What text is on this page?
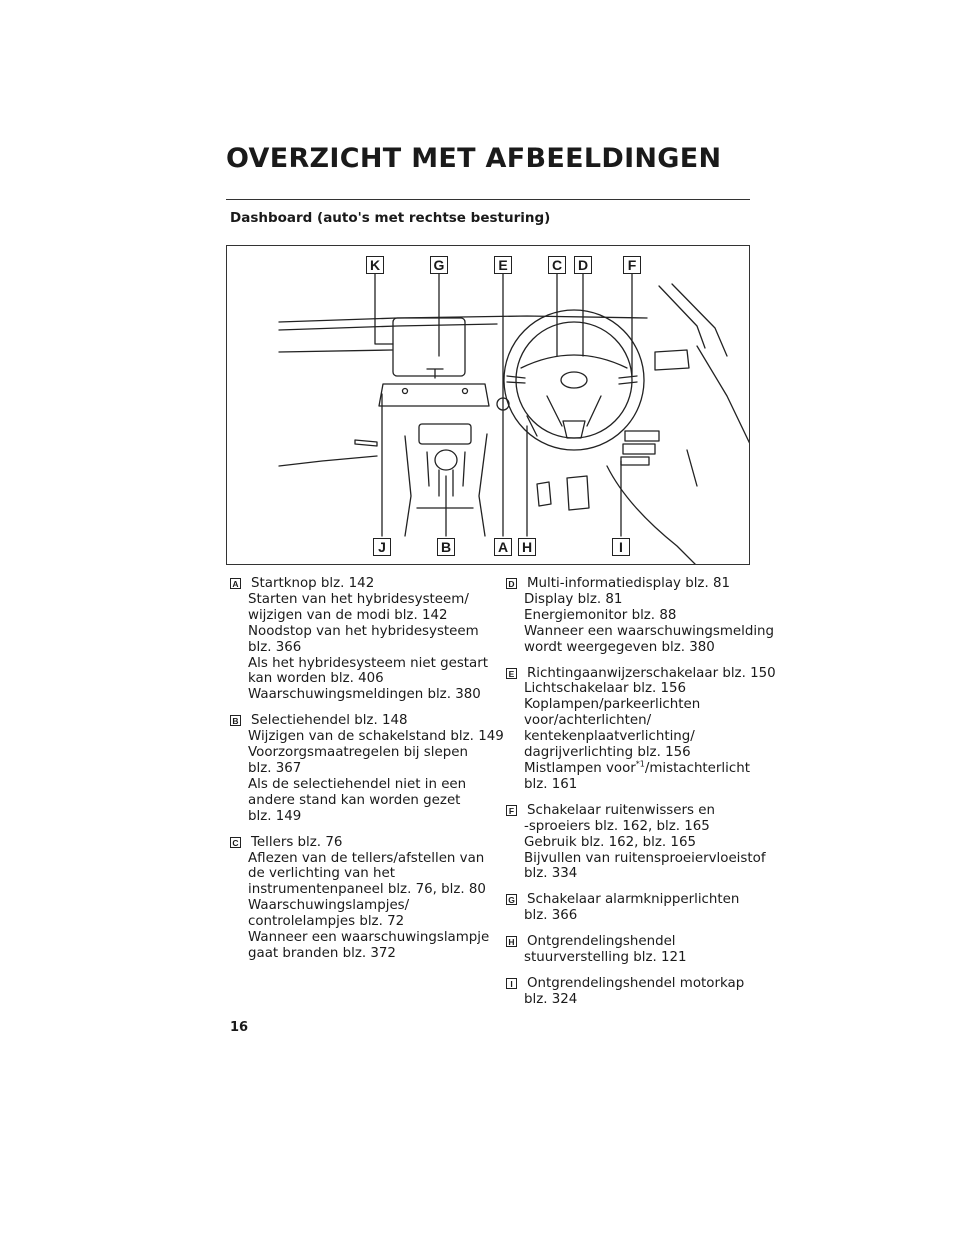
OVERZICHT MET AFBEELDINGEN
Dashboard (auto's met rechtse besturing)
K	G	E	C D	F
J	B	A H	I
A Startknop blz. 142
Starten van het hybridesysteem/
wijzigen van de modi blz. 142
Noodstop van het hybridesysteem
blz. 366
Als het hybridesysteem niet gestart
kan worden blz. 406
Waarschuwingsmeldingen blz. 380
B Selectiehendel blz. 148
Wijzigen van de schakelstand blz. 149
Voorzorgsmaatregelen bij slepen
blz. 367
Als de selectiehendel niet in een
andere stand kan worden gezet
blz. 149
C Tellers blz. 76
Aflezen van de tellers/afstellen van
de verlichting van het
instrumentenpaneel blz. 76, blz. 80
Waarschuwingslampjes/
controlelampjes blz. 72
Wanneer een waarschuwingslampje
gaat branden blz. 372
D Multi-informatiedisplay blz. 81
Display blz. 81
Energiemonitor blz. 88
Wanneer een waarschuwingsmelding
wordt weergegeven blz. 380
E Richtingaanwijzerschakelaar blz. 150
Lichtschakelaar blz. 156
Koplampen/parkeerlichten
voor/achterlichten/
kentekenplaatverlichting/
dagrijverlichting blz. 156
Mistlampen voor$^{*1}$/mistachterlicht
blz. 161
F Schakelaar ruitenwissers en
-sproeiers blz. 162, blz. 165
Gebruik blz. 162, blz. 165
Bijvullen van ruitensproeiervloeistof
blz. 334
G Schakelaar alarmknipperlichten
blz. 366
H Ontgrendelingshendel
stuurverstelling blz. 121
I	Ontgrendelingshendel motorkap
blz. 324
16
